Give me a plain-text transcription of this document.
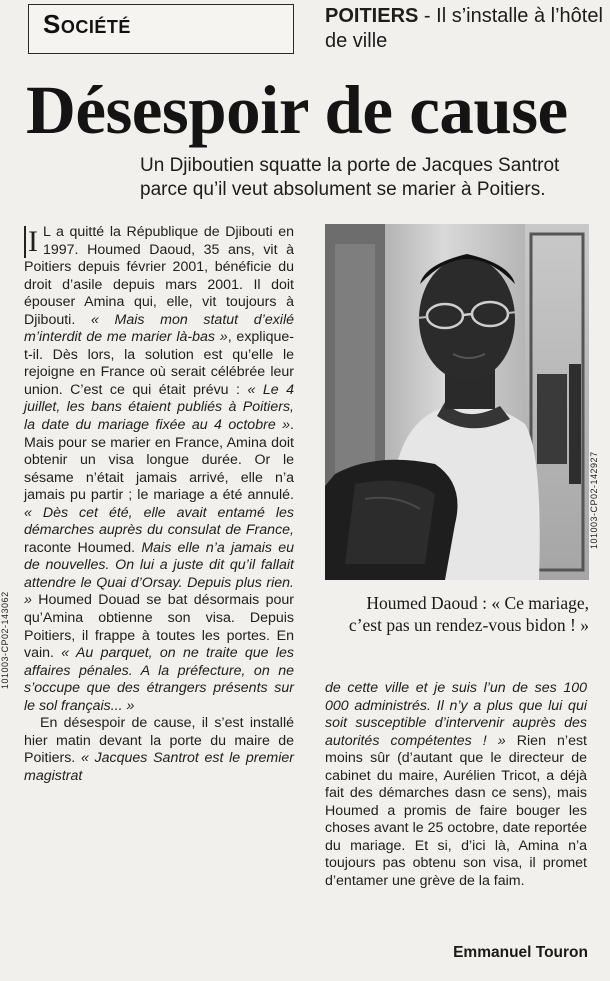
Société	POITIERS - Il s’installe à l’hôtel de ville
Désespoir de cause
Un Djiboutien squatte la porte de Jacques Santrot parce qu’il veut absolument se marier à Poitiers.

I L a quitté la République de Djibouti en 1997. Houmed Daoud, 35 ans, vit à Poitiers depuis février 2001, bénéficie du droit d’asile depuis mars 2001. Il doit épouser Amina qui, elle, vit toujours à Djibouti. « Mais mon statut d’exilé m’interdit de me marier là-bas », explique-t-il. Dès lors, la solution est qu’elle le rejoigne en France où serait célébrée leur union. C’est ce qui était prévu : « Le 4 juillet, les bans étaient publiés à Poitiers, la date du mariage fixée au 4 octobre ». Mais pour se marier en France, Amina doit obtenir un visa longue durée. Or le sésame n’était jamais arrivé, elle n’a jamais pu partir ; le mariage a été annulé. « Dès cet été, elle avait entamé les démarches auprès du consulat de France, raconte Houmed. Mais elle n’a jamais eu de nouvelles. On lui a juste dit qu’il fallait attendre le Quai d’Orsay. Depuis plus rien. » Houmed Douad se bat désormais pour qu’Amina obtienne son visa. Depuis Poitiers, il frappe à toutes les portes. En vain. « Au parquet, on ne traite que les affaires pénales. A la préfecture, on ne s’occupe que des étrangers présents sur le sol français... »

En désespoir de cause, il s’est installé hier matin devant la porte du maire de Poitiers. « Jacques Santrot est le premier magistrat

101003-CP02-142927
101003-CP02-143062	Houmed Daoud : « Ce mariage, c’est pas un rendez-vous bidon ! »

de cette ville et je suis l’un de ses 100 000 administrés. Il n’y a plus que lui qui soit susceptible d’intervenir auprès des autorités compétentes ! » Rien n’est moins sûr (d’autant que le directeur de cabinet du maire, Aurélien Tricot, a déjà fait des démarches dasn ce sens), mais Houmed a promis de faire bouger les choses avant le 25 octobre, date reportée du mariage. Et si, d’ici là, Amina n’a toujours pas obtenu son visa, il promet d’entamer une grève de la faim.

Emmanuel Touron
